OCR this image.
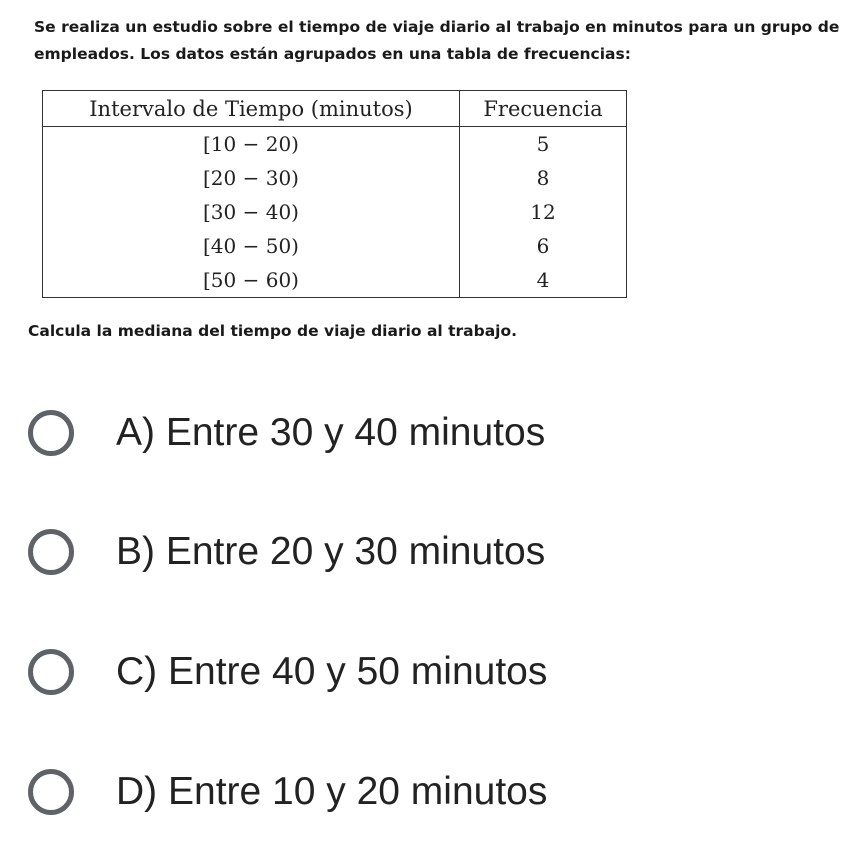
Se realiza un estudio sobre el tiempo de viaje diario al trabajo en minutos para un grupo de empleados. Los datos están agrupados en una tabla de frecuencias:
Intervalo de Tiempo (minutos)	Frecuencia
[10 − 20)	5
[20 − 30)	8
[30 − 40)	12
[40 − 50)	6
[50 − 60)	4
Calcula la mediana del tiempo de viaje diario al trabajo.
A) Entre 30 y 40 minutos
B) Entre 20 y 30 minutos
C) Entre 40 y 50 minutos
D) Entre 10 y 20 minutos
